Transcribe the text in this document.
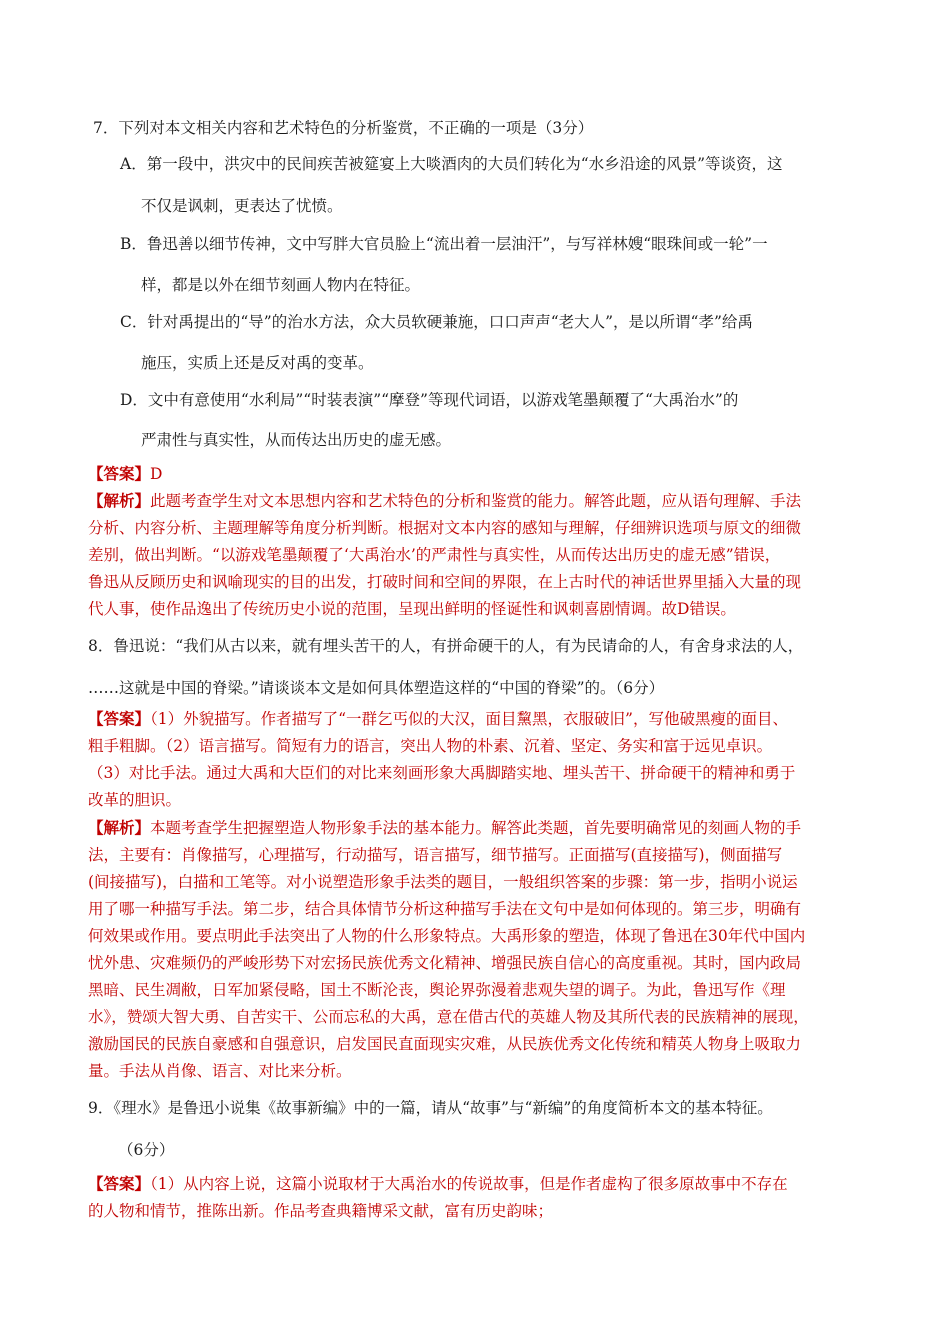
7．下列对本文相关内容和艺术特色的分析鉴赏，不正确的一项是（3分）
A．第一段中，洪灾中的民间疾苦被筵宴上大啖酒肉的大员们转化为“水乡沿途的风景”等谈资，这
不仅是讽刺，更表达了忧愤。
B．鲁迅善以细节传神，文中写胖大官员脸上“流出着一层油汗”，与写祥林嫂“眼珠间或一轮”一
样，都是以外在细节刻画人物内在特征。
C．针对禹提出的“导”的治水方法，众大员软硬兼施，口口声声“老大人”，是以所谓“孝”给禹
施压，实质上还是反对禹的变革。
D．文中有意使用“水利局”“时装表演”“摩登”等现代词语，以游戏笔墨颠覆了“大禹治水”的
严肃性与真实性，从而传达出历史的虚无感。
【答案】D
【解析】此题考查学生对文本思想内容和艺术特色的分析和鉴赏的能力。解答此题，应从语句理解、手法
分析、内容分析、主题理解等角度分析判断。根据对文本内容的感知与理解，仔细辨识选项与原文的细微
差别，做出判断。“以游戏笔墨颠覆了‘大禹治水’的严肃性与真实性，从而传达出历史的虚无感”错误，
鲁迅从反顾历史和讽喻现实的目的出发，打破时间和空间的界限，在上古时代的神话世界里插入大量的现
代人事，使作品逸出了传统历史小说的范围，呈现出鲜明的怪诞性和讽刺喜剧情调。故D错误。
8．鲁迅说：“我们从古以来，就有埋头苦干的人，有拼命硬干的人，有为民请命的人，有舍身求法的人，
……这就是中国的脊梁。”请谈谈本文是如何具体塑造这样的“中国的脊梁”的。（6分）
【答案】（1）外貌描写。作者描写了“一群乞丐似的大汉，面目黧黑，衣服破旧”，写他破黑瘦的面目、
粗手粗脚。（2）语言描写。简短有力的语言，突出人物的朴素、沉着、坚定、务实和富于远见卓识。
（3）对比手法。通过大禹和大臣们的对比来刻画形象大禹脚踏实地、埋头苦干、拼命硬干的精神和勇于
改革的胆识。
【解析】本题考查学生把握塑造人物形象手法的基本能力。解答此类题，首先要明确常见的刻画人物的手
法，主要有：肖像描写，心理描写，行动描写，语言描写，细节描写。正面描写(直接描写)，侧面描写
(间接描写)，白描和工笔等。对小说塑造形象手法类的题目，一般组织答案的步骤：第一步，指明小说运
用了哪一种描写手法。第二步，结合具体情节分析这种描写手法在文句中是如何体现的。第三步，明确有
何效果或作用。要点明此手法突出了人物的什么形象特点。大禹形象的塑造，体现了鲁迅在30年代中国内
忧外患、灾难频仍的严峻形势下对宏扬民族优秀文化精神、增强民族自信心的高度重视。其时，国内政局
黑暗、民生凋敝，日军加紧侵略，国土不断沦丧，舆论界弥漫着悲观失望的调子。为此，鲁迅写作《理
水》，赞颂大智大勇、自苦实干、公而忘私的大禹，意在借古代的英雄人物及其所代表的民族精神的展现，
激励国民的民族自豪感和自强意识，启发国民直面现实灾难，从民族优秀文化传统和精英人物身上吸取力
量。手法从肖像、语言、对比来分析。
9．《理水》是鲁迅小说集《故事新编》中的一篇，请从“故事”与“新编”的角度简析本文的基本特征。
（6分）
【答案】（1）从内容上说，这篇小说取材于大禹治水的传说故事，但是作者虚构了很多原故事中不存在
的人物和情节，推陈出新。作品考查典籍博采文献，富有历史韵味；
